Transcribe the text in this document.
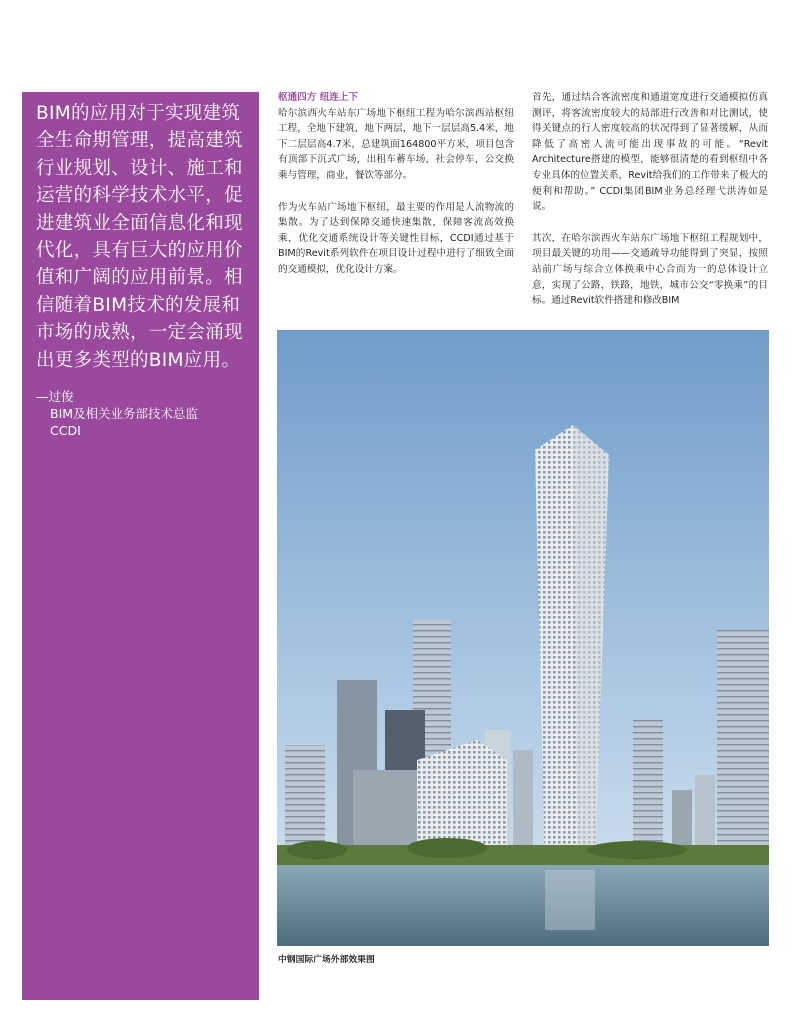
BIM的应用对于实现建筑全生命期管理，提高建筑行业规划、设计、施工和运营的科学技术水平，促进建筑业全面信息化和现代化，具有巨大的应用价值和广阔的应用前景。相信随着BIM技术的发展和市场的成熟，一定会涌现出更多类型的BIM应用。

—过俊
BIM及相关业务部技术总监
CCDI
枢通四方 纽连上下

哈尔滨西火车站东广场地下枢纽工程为哈尔滨西站枢纽工程，全地下建筑，地下两层，地下一层层高5.4米，地下二层层高4.7米，总建筑面164800平方米，项目包含有顶部下沉式广场，出租车蓄车场，社会停车，公交换乘与管理，商业，餐饮等部分。

作为火车站广场地下枢纽，最主要的作用是人流物流的集散。为了达到保障交通快速集散，保障客流高效换乘，优化交通系统设计等关键性目标，CCDI通过基于BIM的Revit系列软件在项目设计过程中进行了细致全面的交通模拟，优化设计方案。

首先，通过结合客流密度和通道宽度进行交通模拟仿真测评，将客流密度较大的局部进行改善和对比测试，使得关键点的行人密度较高的状况得到了显著缓解，从而降低了高密人流可能出现事故的可能。“Revit Architecture搭建的模型，能够很清楚的看到枢纽中各专业具体的位置关系，Revit给我们的工作带来了极大的便利和帮助。” CCDI集团BIM业务总经理弋洪涛如是说。

其次，在哈尔滨西火车站东广场地下枢纽工程规划中，项目最关键的功用——交通疏导功能得到了突显，按照站前广场与综合立体换乘中心合而为一的总体设计立意，实现了公路，铁路，地铁，城市公交“零换乘”的目标。通过Revit软件搭建和修改BIM

中钢国际广场外部效果图
